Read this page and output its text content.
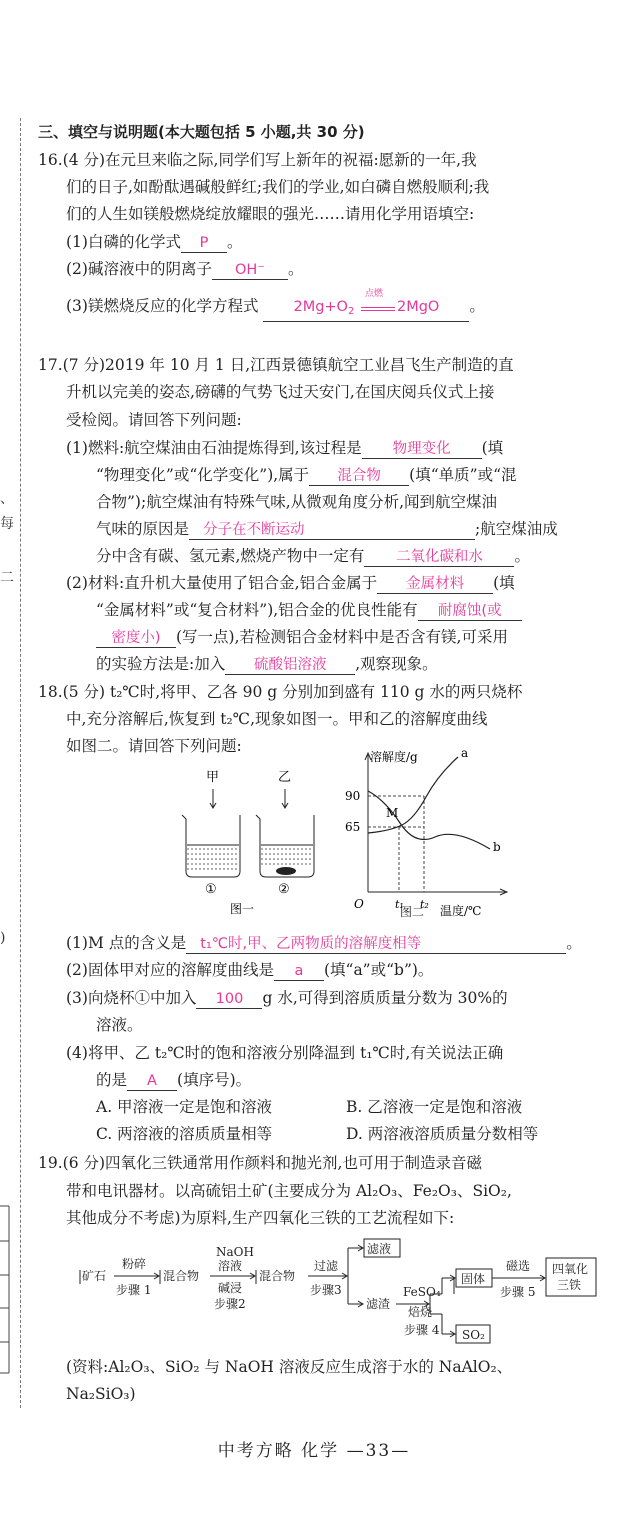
、
每
二
)
三、填空与说明题(本大题包括 5 小题,共 30 分)
16.(4 分)在元旦来临之际,同学们写上新年的祝福:愿新的一年,我
们的日子,如酚酞遇碱般鲜红;我们的学业,如白磷自燃般顺利;我
们的人生如镁般燃烧绽放耀眼的强光……请用化学用语填空:
(1)白磷的化学式 P 。
(2)碱溶液中的阴离子 OH⁻ 。
(3)镁燃烧反应的化学方程式 $2Mg+O_2$
点燃
2MgO 。
17.(7 分)2019 年 10 月 1 日,江西景德镇航空工业昌飞生产制造的直
升机以完美的姿态,磅礴的气势飞过天安门,在国庆阅兵仪式上接
受检阅。请回答下列问题:
(1)燃料:航空煤油由石油提炼得到,该过程是 物理变化 (填
“物理变化”或“化学变化”),属于 混合物 (填“单质”或“混
合物”);航空煤油有特殊气味,从微观角度分析,闻到航空煤油
气味的原因是 分子在不断运动	;航空煤油成
分中含有碳、氢元素,燃烧产物中一定有 二氧化碳和水 。
(2)材料:直升机大量使用了铝合金,铝合金属于 金属材料 (填
“金属材料”或“复合材料”),铝合金的优良性能有 耐腐蚀(或
密度小) (写一点),若检测铝合金材料中是否含有镁,可采用
的实验方法是:加入 硫酸铝溶液 ,观察现象。
18.(5 分) t₂℃时,将甲、乙各 90 g 分别加到盛有 110 g 水的两只烧杯
中,充分溶解后,恢复到 t₂℃,现象如图一。甲和乙的溶解度曲线
如图二。请回答下列问题:
甲	乙
①	②
图一
溶解度/g
温度/℃
O
90
65
t₁ t₂
a
b
M
图二
(1)M 点的含义是 t₁℃时,甲、乙两物质的溶解度相等	。
(2)固体甲对应的溶解度曲线是 a (填“a”或“b”)。
(3)向烧杯①中加入 100 g 水,可得到溶质质量分数为 30%的
溶液。
(4)将甲、乙 t₂℃时的饱和溶液分别降温到 t₁℃时,有关说法正确
的是 A (填序号)。
A. 甲溶液一定是饱和溶液	B. 乙溶液一定是饱和溶液
C. 两溶液的溶质质量相等	D. 两溶液溶质质量分数相等
19.(6 分)四氧化三铁通常用作颜料和抛光剂,也可用于制造录音磁
带和电讯器材。以高硫铝土矿(主要成分为 Al₂O₃、Fe₂O₃、SiO₂,
其他成分不考虑)为原料,生产四氧化三铁的工艺流程如下:
矿石
粉碎
步骤 1
混合物
NaOH
溶液
碱浸
步骤2
混合物
过滤
步骤3
滤液
滤渣
FeSO₄
焙烧
步骤 4
固体
磁选
步骤 5
四氧化
三铁
SO₂
(资料:Al₂O₃、SiO₂ 与 NaOH 溶液反应生成溶于水的 NaAlO₂、
Na₂SiO₃)
中考方略 化学 —33—
